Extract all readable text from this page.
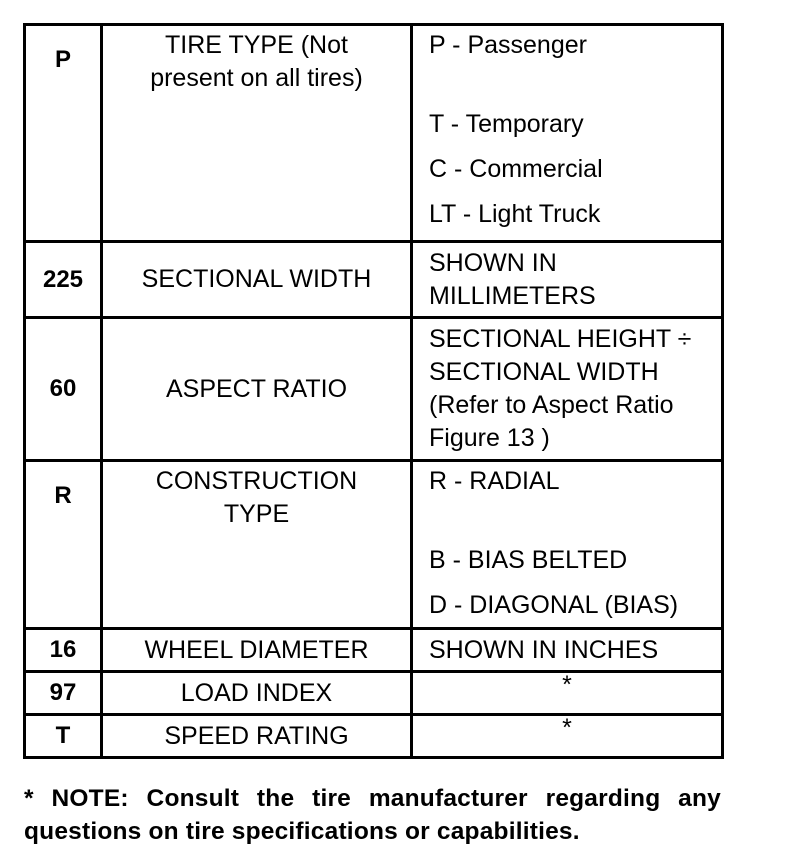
P	TIRE TYPE (Not present on all tires)	P - Passenger
T - Temporary
C - Commercial
LT - Light Truck

225	SECTIONAL WIDTH	SHOWN IN MILLIMETERS
60	ASPECT RATIO	SECTIONAL HEIGHT ÷ SECTIONAL WIDTH (Refer to Aspect Ratio Figure 13 )
R	CONSTRUCTION TYPE	R - RADIAL
B - BIAS BELTED
D - DIAGONAL (BIAS)

16	WHEEL DIAMETER	SHOWN IN INCHES
97	LOAD INDEX	*
T	SPEED RATING	*
* NOTE: Consult the tire manufacturer regarding any questions on tire specifications or capabilities.
